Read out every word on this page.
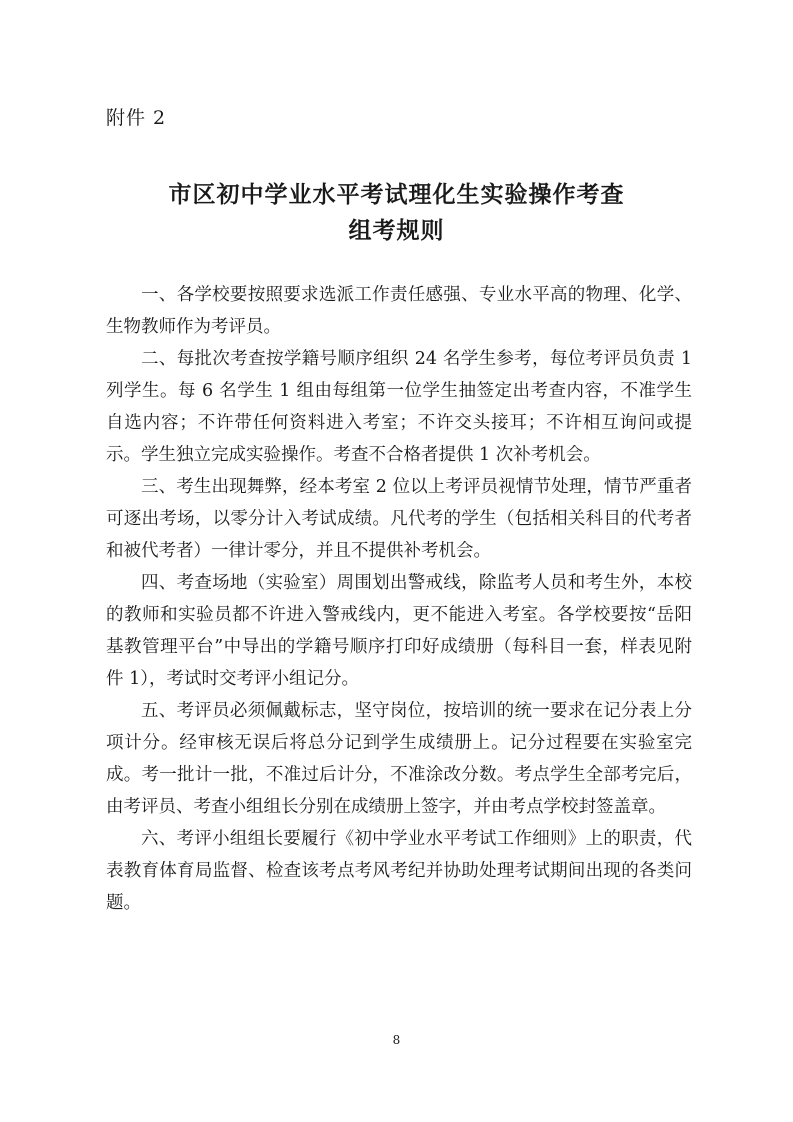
附件 2
市区初中学业水平考试理化生实验操作考查
组考规则

一、各学校要按照要求选派工作责任感强、专业水平高的物理、化学、生物教师作为考评员。

二、每批次考查按学籍号顺序组织 24 名学生参考，每位考评员负责 1 列学生。每 6 名学生 1 组由每组第一位学生抽签定出考查内容，不准学生自选内容；不许带任何资料进入考室；不许交头接耳；不许相互询问或提示。学生独立完成实验操作。考查不合格者提供 1 次补考机会。

三、考生出现舞弊，经本考室 2 位以上考评员视情节处理，情节严重者可逐出考场，以零分计入考试成绩。凡代考的学生（包括相关科目的代考者和被代考者）一律计零分，并且不提供补考机会。

四、考查场地（实验室）周围划出警戒线，除监考人员和考生外，本校的教师和实验员都不许进入警戒线内，更不能进入考室。各学校要按“岳阳基教管理平台”中导出的学籍号顺序打印好成绩册（每科目一套，样表见附件 1），考试时交考评小组记分。

五、考评员必须佩戴标志，坚守岗位，按培训的统一要求在记分表上分项计分。经审核无误后将总分记到学生成绩册上。记分过程要在实验室完成。考一批计一批，不准过后计分，不准涂改分数。考点学生全部考完后，由考评员、考查小组组长分别在成绩册上签字，并由考点学校封签盖章。

六、考评小组组长要履行《初中学业水平考试工作细则》上的职责，代表教育体育局监督、检查该考点考风考纪并协助处理考试期间出现的各类问题。

8
